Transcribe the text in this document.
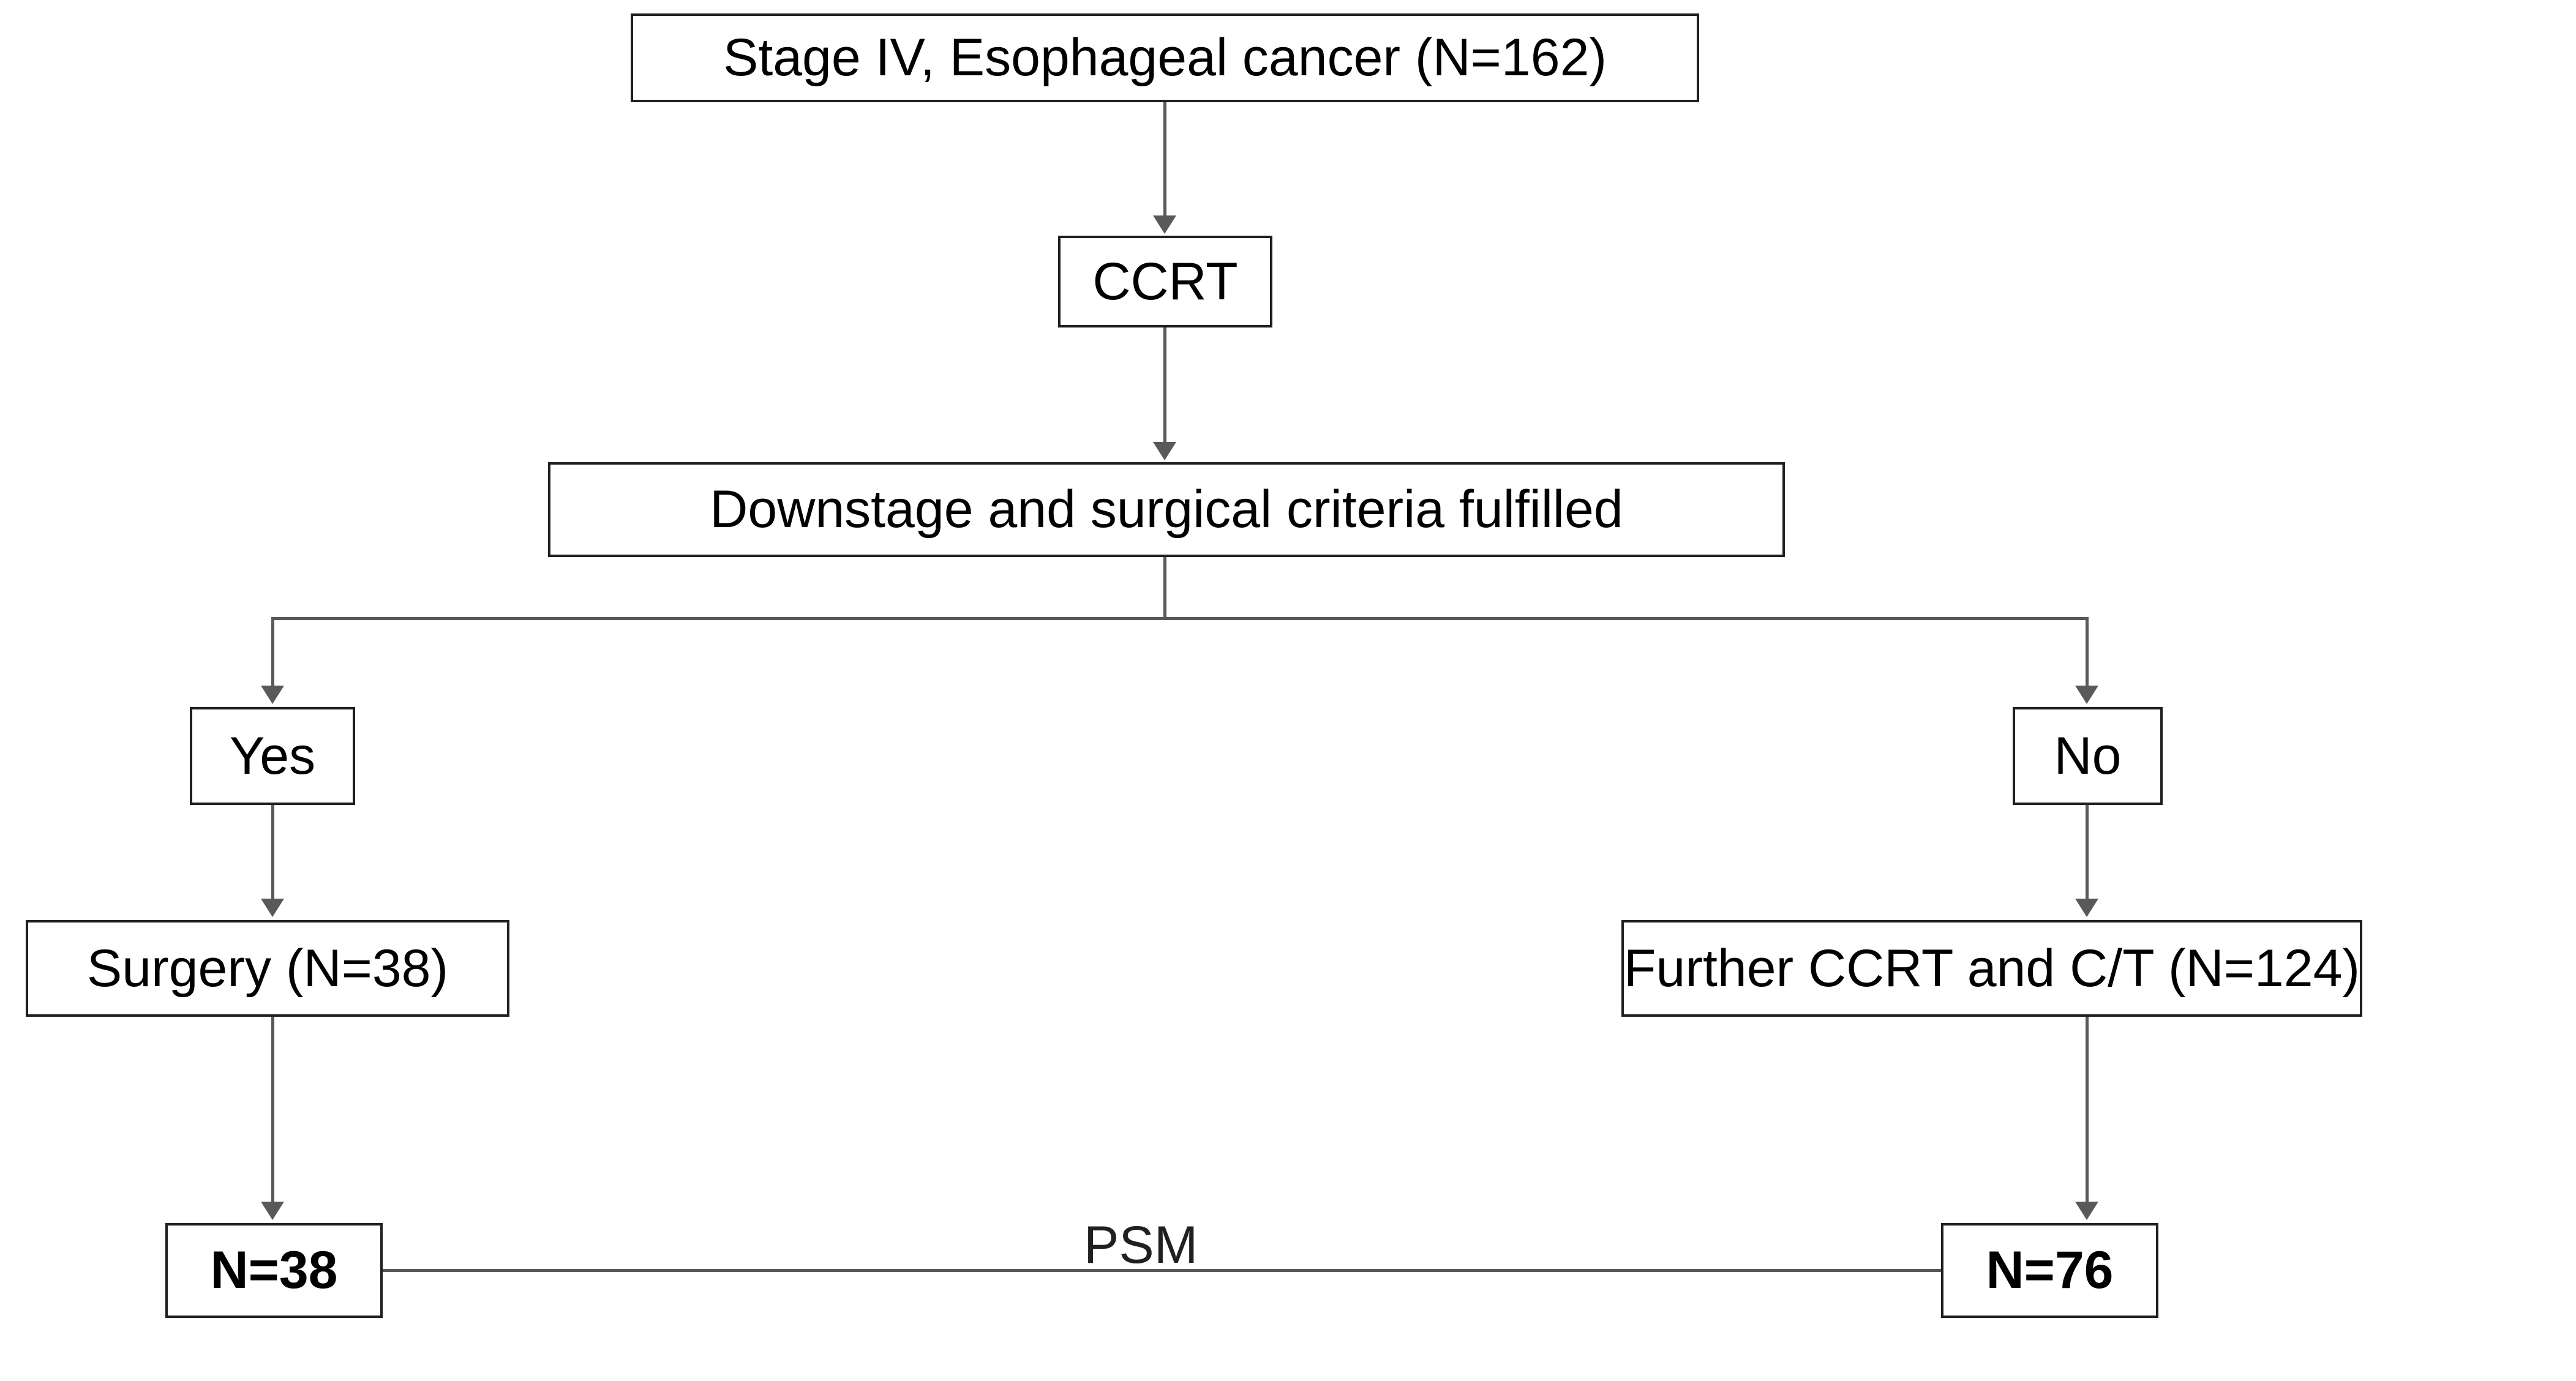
PSM
Stage IV, Esophageal cancer (N=162)
CCRT
Downstage and surgical criteria fulfilled
Yes	No
Surgery (N=38)	Further CCRT and C/T (N=124)
N=38	N=76
